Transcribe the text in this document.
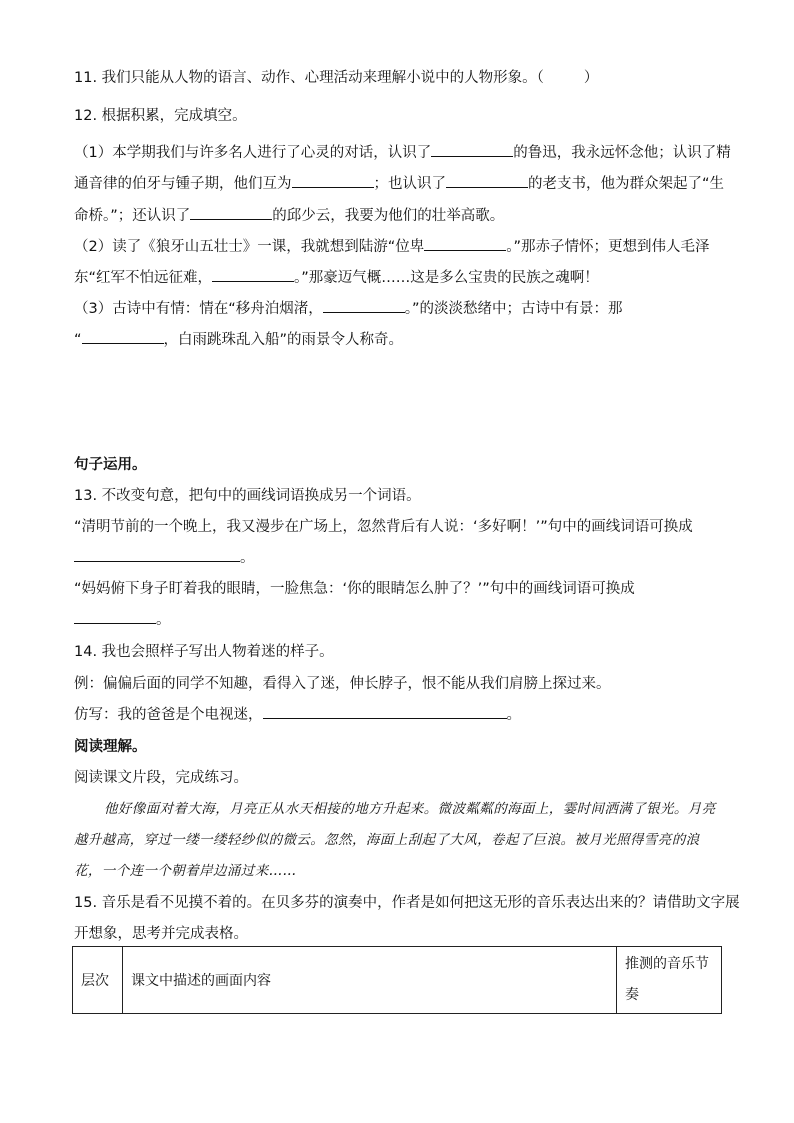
11. 我们只能从人物的语言、动作、心理活动来理解小说中的人物形象。（	）
12. 根据积累，完成填空。
（1）本学期我们与许多名人进行了心灵的对话，认识了	的鲁迅，我永远怀念他；认识了精
通音律的伯牙与锺子期，他们互为	；也认识了	的老支书，他为群众架起了“生
命桥。”；还认识了	的邱少云，我要为他们的壮举高歌。
（2）读了《狼牙山五壮士》一课，我就想到陆游“位卑	。”那赤子情怀；更想到伟人毛泽
东“红军不怕远征难，	。”那豪迈气概……这是多么宝贵的民族之魂啊！
（3）古诗中有情：情在“移舟泊烟渚，	。”的淡淡愁绪中；古诗中有景：那
“	，白雨跳珠乱入船”的雨景令人称奇。
句子运用。
13. 不改变句意，把句中的画线词语换成另一个词语。
“清明节前的一个晚上，我又漫步在广场上，忽然背后有人说：‘多好啊！’”句中的画线词语可换成
。
“妈妈俯下身子盯着我的眼睛，一脸焦急：‘你的眼睛怎么肿了？’”句中的画线词语可换成
。
14. 我也会照样子写出人物着迷的样子。
例：偏偏后面的同学不知趣，看得入了迷，伸长脖子，恨不能从我们肩膀上探过来。
仿写：我的爸爸是个电视迷，	。
阅读理解。
阅读课文片段，完成练习。
他好像面对着大海，月亮正从水天相接的地方升起来。微波粼粼的海面上，霎时间洒满了银光。月亮
越升越高，穿过一缕一缕轻纱似的微云。忽然，海面上刮起了大风，卷起了巨浪。被月光照得雪亮的浪
花，一个连一个朝着岸边涌过来……
15. 音乐是看不见摸不着的。在贝多芬的演奏中，作者是如何把这无形的音乐表达出来的？请借助文字展
开想象，思考并完成表格。
层次	课文中描述的画面内容	推测的音乐节
奏
